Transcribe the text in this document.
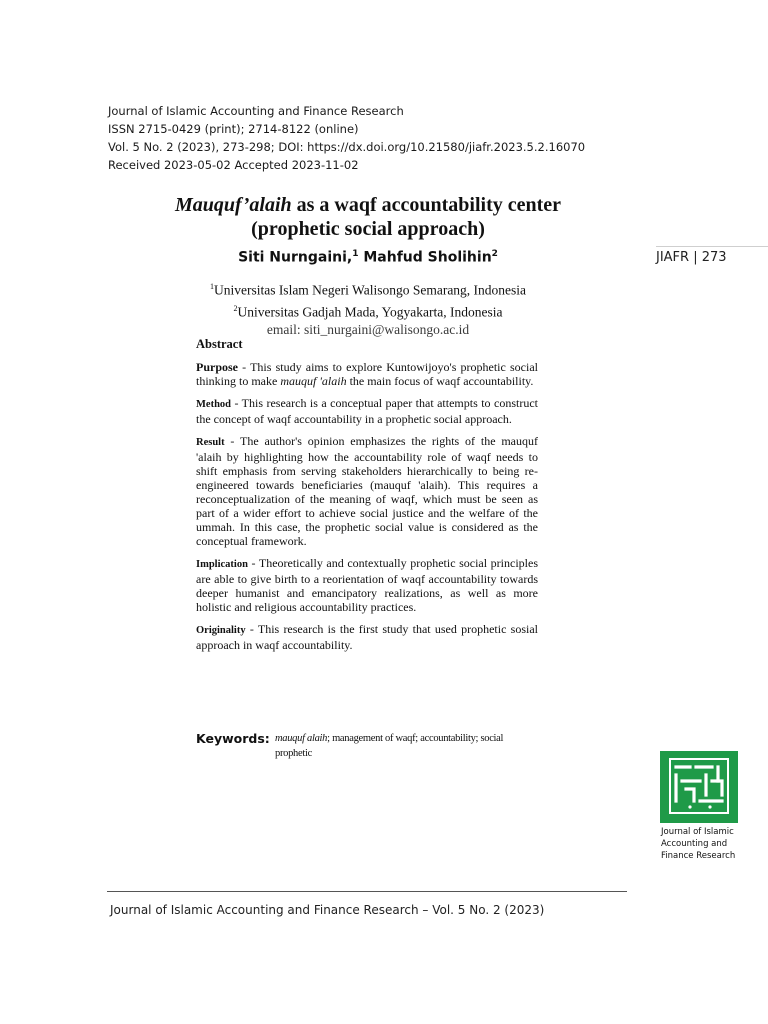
Journal of Islamic Accounting and Finance Research
ISSN 2715-0429 (print); 2714-8122 (online)
Vol. 5 No. 2 (2023), 273-298; DOI: https://dx.doi.org/10.21580/jiafr.2023.5.2.16070
Received 2023-05-02 Accepted 2023-11-02
Mauquf’alaih as a waqf accountability center
(prophetic social approach)
JIAFR | 273
Siti Nurngaini,$^1$ Mahfud Sholihin$^2$
$^1$Universitas Islam Negeri Walisongo Semarang, Indonesia
$^2$Universitas Gadjah Mada, Yogyakarta, Indonesia
email: siti_nurgaini@walisongo.ac.id
Abstract

Purpose - This study aims to explore Kuntowijoyo's prophetic social thinking to make mauquf 'alaih the main focus of waqf accountability.

Method - This research is a conceptual paper that attempts to construct the concept of waqf accountability in a prophetic social approach.

Result - The author's opinion emphasizes the rights of the mauquf 'alaih by highlighting how the accountability role of waqf needs to shift emphasis from serving stakeholders hierarchically to being re-engineered towards beneficiaries (mauquf 'alaih). This requires a reconceptualization of the meaning of waqf, which must be seen as part of a wider effort to achieve social justice and the welfare of the ummah. In this case, the prophetic social value is considered as the conceptual framework.

Implication - Theoretically and contextually prophetic social principles are able to give birth to a reorientation of waqf accountability towards deeper humanist and emancipatory realizations, as well as more holistic and religious accountability practices.

Originality - This research is the first study that used prophetic sosial approach in waqf accountability.

Keywords: mauquf alaih; management of waqf; accountability; social prophetic
Journal of Islamic
Accounting and
Finance Research
Journal of Islamic Accounting and Finance Research – Vol. 5 No. 2 (2023)
